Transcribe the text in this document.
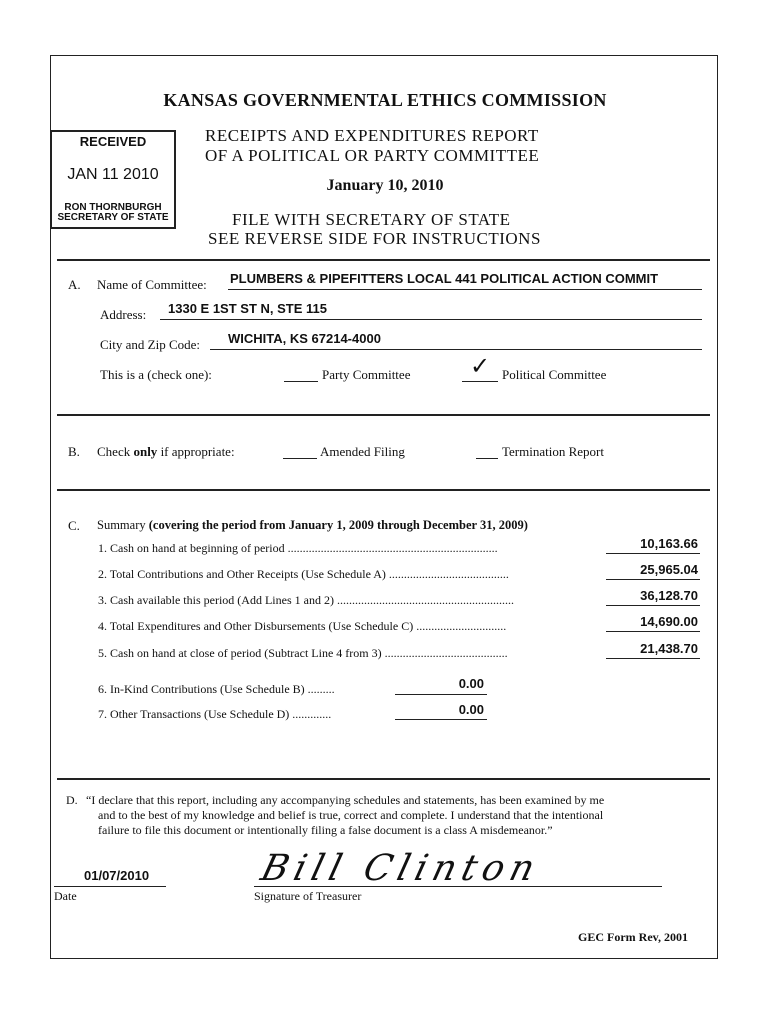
KANSAS GOVERNMENTAL ETHICS COMMISSION
RECEIVED
JAN 11 2010
RON THORNBURGH
SECRETARY OF STATE
RECEIPTS AND EXPENDITURES REPORT
OF A POLITICAL OR PARTY COMMITTEE
January 10, 2010
FILE WITH SECRETARY OF STATE
SEE REVERSE SIDE FOR INSTRUCTIONS
A. Name of Committee: PLUMBERS & PIPEFITTERS LOCAL 441 POLITICAL ACTION COMMIT
Address: 1330 E 1ST ST N, STE 115
City and Zip Code: WICHITA, KS 67214-4000
This is a (check one):	Party Committee ✓ Political Committee
B. Check only if appropriate:	Amended Filing	Termination Report
C. Summary (covering the period from January 1, 2009 through December 31, 2009)
1. Cash on hand at beginning of period ......................................................................	10,163.66
2. Total Contributions and Other Receipts (Use Schedule A) ........................................	25,965.04
3. Cash available this period (Add Lines 1 and 2) ...........................................................	36,128.70
4. Total Expenditures and Other Disbursements (Use Schedule C) ..............................	14,690.00
5. Cash on hand at close of period (Subtract Line 4 from 3) .........................................	21,438.70
6. In-Kind Contributions (Use Schedule B) .........	0.00
7. Other Transactions (Use Schedule D) .............	0.00
D. “I declare that this report, including any accompanying schedules and statements, has been examined by me
and to the best of my knowledge and belief is true, correct and complete. I understand that the intentional
failure to file this document or intentionally filing a false document is a class A misdemeanor.”
01/07/2010
Date
Bill Clinton
Signature of Treasurer
GEC Form Rev, 2001
